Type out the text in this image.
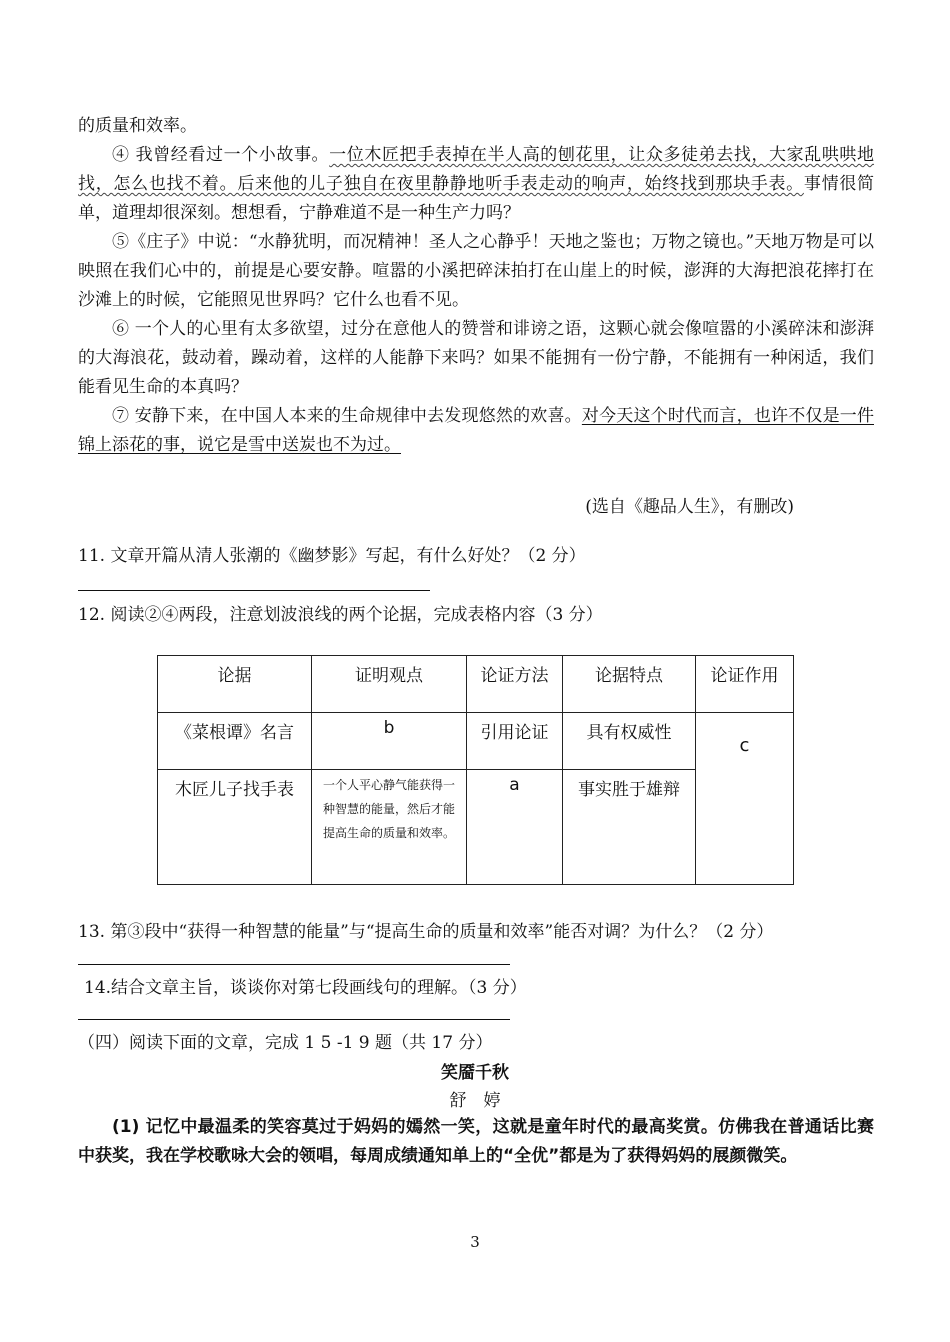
的质量和效率。

④ 我曾经看过一个小故事。一位木匠把手表掉在半人高的刨花里，让众多徒弟去找，大家乱哄哄地找，怎么也找不着。后来他的儿子独自在夜里静静地听手表走动的响声，始终找到那块手表。事情很简单，道理却很深刻。想想看，宁静难道不是一种生产力吗？

⑤《庄子》中说：“水静犹明，而况精神！圣人之心静乎！天地之鉴也；万物之镜也。”天地万物是可以映照在我们心中的，前提是心要安静。喧嚣的小溪把碎沫拍打在山崖上的时候，澎湃的大海把浪花摔打在沙滩上的时候，它能照见世界吗？它什么也看不见。

⑥ 一个人的心里有太多欲望，过分在意他人的赞誉和诽谤之语，这颗心就会像喧嚣的小溪碎沫和澎湃的大海浪花，鼓动着，躁动着，这样的人能静下来吗？如果不能拥有一份宁静，不能拥有一种闲适，我们能看见生命的本真吗？

⑦ 安静下来，在中国人本来的生命规律中去发现悠然的欢喜。对今天这个时代而言，也许不仅是一件锦上添花的事，说它是雪中送炭也不为过。

(选自《趣品人生》，有删改)

11. 文章开篇从清人张潮的《幽梦影》写起，有什么好处？（2 分）

12. 阅读②④两段，注意划波浪线的两个论据，完成表格内容（3 分）

论据	证明观点	论证方法	论据特点	论证作用
《菜根谭》名言	b	引用论证	具有权威性	c
木匠儿子找手表	一个人平心静气能获得一种智慧的能量，然后才能提高生命的质量和效率。	a	事实胜于雄辩	

13. 第③段中“获得一种智慧的能量”与“提高生命的质量和效率”能否对调？为什么？（2 分）

14.结合文章主旨，谈谈你对第七段画线句的理解。（3 分）

（四）阅读下面的文章，完成 1 5 -1 9 题（共 17 分）

笑靥千秋

舒　婷

(1) 记忆中最温柔的笑容莫过于妈妈的嫣然一笑，这就是童年时代的最高奖赏。仿佛我在普通话比赛中获奖，我在学校歌咏大会的领唱，每周成绩通知单上的“全优”都是为了获得妈妈的展颜微笑。

3
